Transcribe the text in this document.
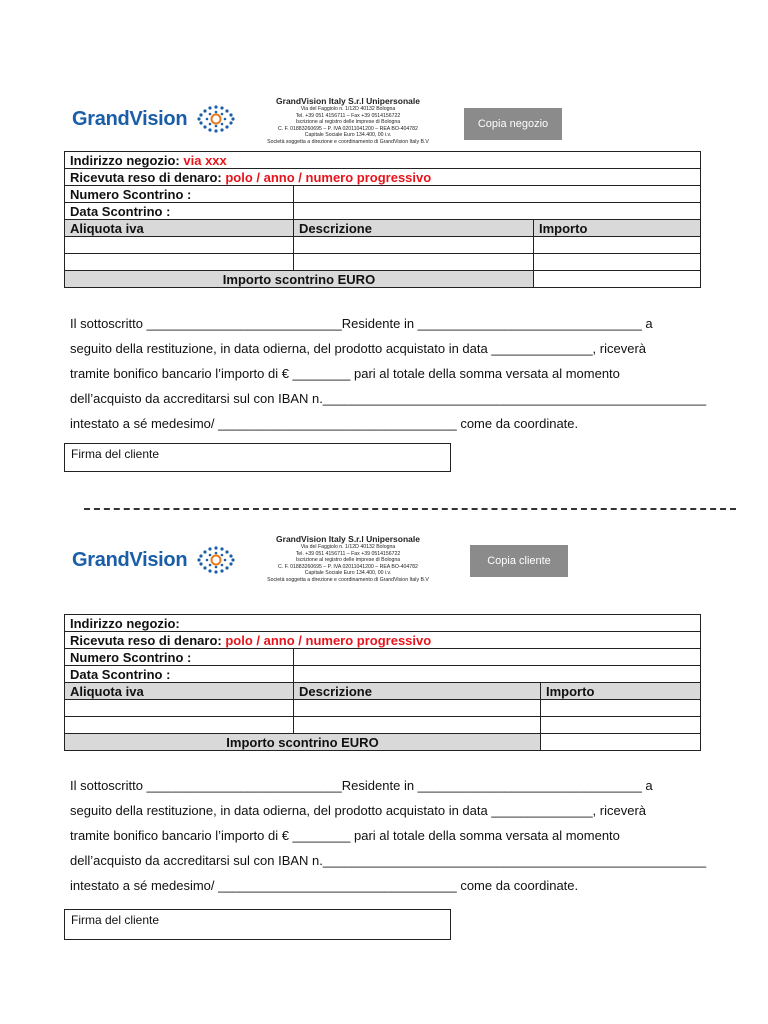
GrandVision
GrandVision Italy S.r.l Unipersonale
Via del Faggiolo n. 1/12D 40132 Bologna
Tel. +39 051 4156711 – Fax +39 0514156722
Iscrizione al registro delle imprese di Bologna
C. F. 01883260695 – P. IVA 02011041200 – REA BO-404782
Capitale Sociale Euro 134.400, 00 i.v.
Società soggetta a direzione e coordinamento di GrandVision Italy B.V
Copia negozio
Indirizzo negozio: via xxx		
Ricevuta reso di denaro: polo / anno / numero progressivo		
Numero Scontrino :		
Data Scontrino :		
Aliquota iva	Descrizione	Importo

Importo scontrino EURO		
Il sottoscritto ___________________________Residente in _______________________________ a
seguito della restituzione, in data odierna, del prodotto acquistato in data ______________, riceverà
tramite bonifico bancario l’importo di € ________ pari al totale della somma versata al momento
dell’acquisto da accreditarsi sul con IBAN n._____________________________________________________
intestato a sé medesimo/ _________________________________ come da coordinate.
Firma del cliente
GrandVision
GrandVision Italy S.r.l Unipersonale
Via del Faggiolo n. 1/12D 40132 Bologna
Tel. +39 051 4156711 – Fax +39 0514156722
Iscrizione al registro delle imprese di Bologna
C. F. 01883260695 – P. IVA 02011041200 – REA BO-404782
Capitale Sociale Euro 134.400, 00 i.v.
Società soggetta a direzione e coordinamento di GrandVision Italy B.V
Copia cliente
Indirizzo negozio:		
Ricevuta reso di denaro: polo / anno / numero progressivo		
Numero Scontrino :		
Data Scontrino :		
Aliquota iva	Descrizione	Importo

Importo scontrino EURO		
Il sottoscritto ___________________________Residente in _______________________________ a
seguito della restituzione, in data odierna, del prodotto acquistato in data ______________, riceverà
tramite bonifico bancario l’importo di € ________ pari al totale della somma versata al momento
dell’acquisto da accreditarsi sul con IBAN n._____________________________________________________
intestato a sé medesimo/ _________________________________ come da coordinate.
Firma del cliente
